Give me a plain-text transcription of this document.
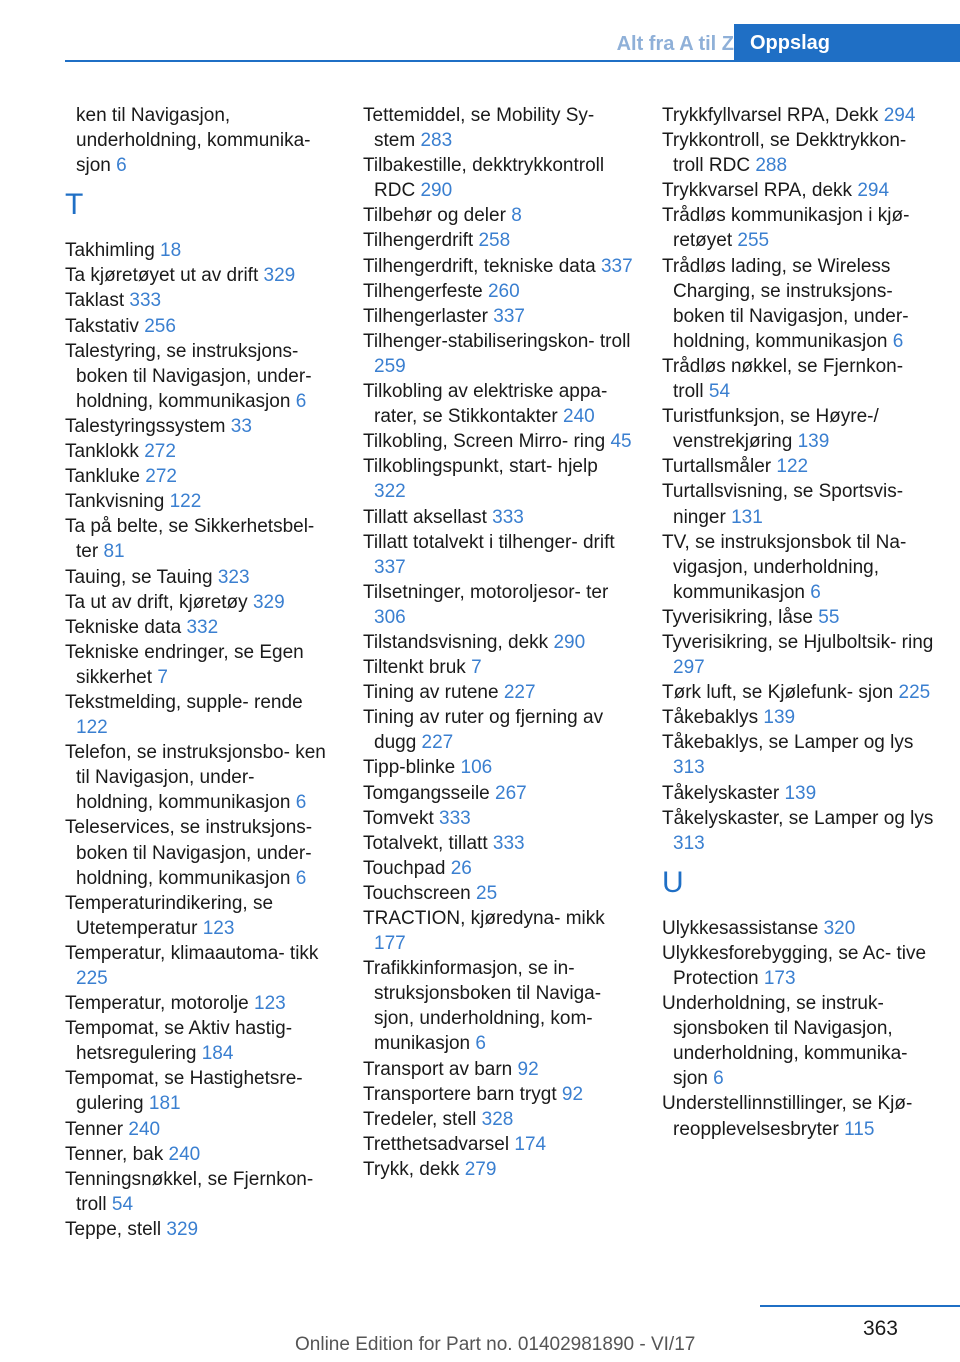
Alt fra A til Z Oppslag
ken til Navigasjon,
underholdning, kommunika‐
sjon 6
T
Takhimling 18
Ta kjøretøyet ut av drift 329
Taklast 333
Takstativ 256
Talestyring, se instruksjons‐ boken til Navigasjon, under‐ holdning, kommunikasjon 6
Talestyringssystem 33
Tanklokk 272
Tankluke 272
Tankvisning 122
Ta på belte, se Sikkerhetsbel‐ ter 81
Tauing, se Tauing 323
Ta ut av drift, kjøretøy 329
Tekniske data 332
Tekniske endringer, se Egen sikkerhet 7
Tekstmelding, supple‐ rende 122
Telefon, se instruksjonsbo‐ ken til Navigasjon, under‐ holdning, kommunikasjon 6
Teleservices, se instruksjons‐ boken til Navigasjon, under‐ holdning, kommunikasjon 6
Temperaturindikering, se Utetemperatur 123
Temperatur, klimaautoma‐ tikk 225
Temperatur, motorolje 123
Tempomat, se Aktiv hastig‐ hetsregulering 184
Tempomat, se Hastighetsre‐ gulering 181
Tenner 240
Tenner, bak 240
Tenningsnøkkel, se Fjernkon‐ troll 54
Teppe, stell 329
Tettemiddel, se Mobility Sy‐ stem 283
Tilbakestille, dekktrykkontroll RDC 290
Tilbehør og deler 8
Tilhengerdrift 258
Tilhengerdrift, tekniske data 337
Tilhengerfeste 260
Tilhengerlaster 337
Tilhenger-stabiliseringskon‐ troll 259
Tilkobling av elektriske appa‐ rater, se Stikkontakter 240
Tilkobling, Screen Mirro‐ ring 45
Tilkoblingspunkt, start‐ hjelp 322
Tillatt aksellast 333
Tillatt totalvekt i tilhenger‐ drift 337
Tilsetninger, motoroljesor‐ ter 306
Tilstandsvisning, dekk 290
Tiltenkt bruk 7
Tining av rutene 227
Tining av ruter og fjerning av dugg 227
Tipp-blinke 106
Tomgangsseile 267
Tomvekt 333
Totalvekt, tillatt 333
Touchpad 26
Touchscreen 25
TRACTION, kjøredyna‐ mikk 177
Trafikkinformasjon, se in‐ struksjonsboken til Naviga‐ sjon, underholdning, kom‐ munikasjon 6
Transport av barn 92
Transportere barn trygt 92
Tredeler, stell 328
Tretthetsadvarsel 174
Trykk, dekk 279
Trykkfyllvarsel RPA, Dekk 294
Trykkontroll, se Dekktrykkon‐ troll RDC 288
Trykkvarsel RPA, dekk 294
Trådløs kommunikasjon i kjø‐ retøyet 255
Trådløs lading, se Wireless Charging, se instruksjons‐ boken til Navigasjon, under‐ holdning, kommunikasjon 6
Trådløs nøkkel, se Fjernkon‐ troll 54
Turistfunksjon, se Høyre-/ venstrekjøring 139
Turtallsmåler 122
Turtallsvisning, se Sportsvis‐ ninger 131
TV, se instruksjonsbok til Na‐ vigasjon, underholdning, kommunikasjon 6
Tyverisikring, låse 55
Tyverisikring, se Hjulboltsik‐ ring 297
Tørk luft, se Kjølefunk‐ sjon 225
Tåkebaklys 139
Tåkebaklys, se Lamper og lys 313
Tåkelyskaster 139
Tåkelyskaster, se Lamper og lys 313
U
Ulykkesassistanse 320
Ulykkesforebygging, se Ac‐ tive Protection 173
Underholdning, se instruk‐ sjonsboken til Navigasjon, underholdning, kommunika‐ sjon 6
Understellinnstillinger, se Kjø‐ reopplevelsesbryter 115
363
Online Edition for Part no. 01402981890 - VI/17
